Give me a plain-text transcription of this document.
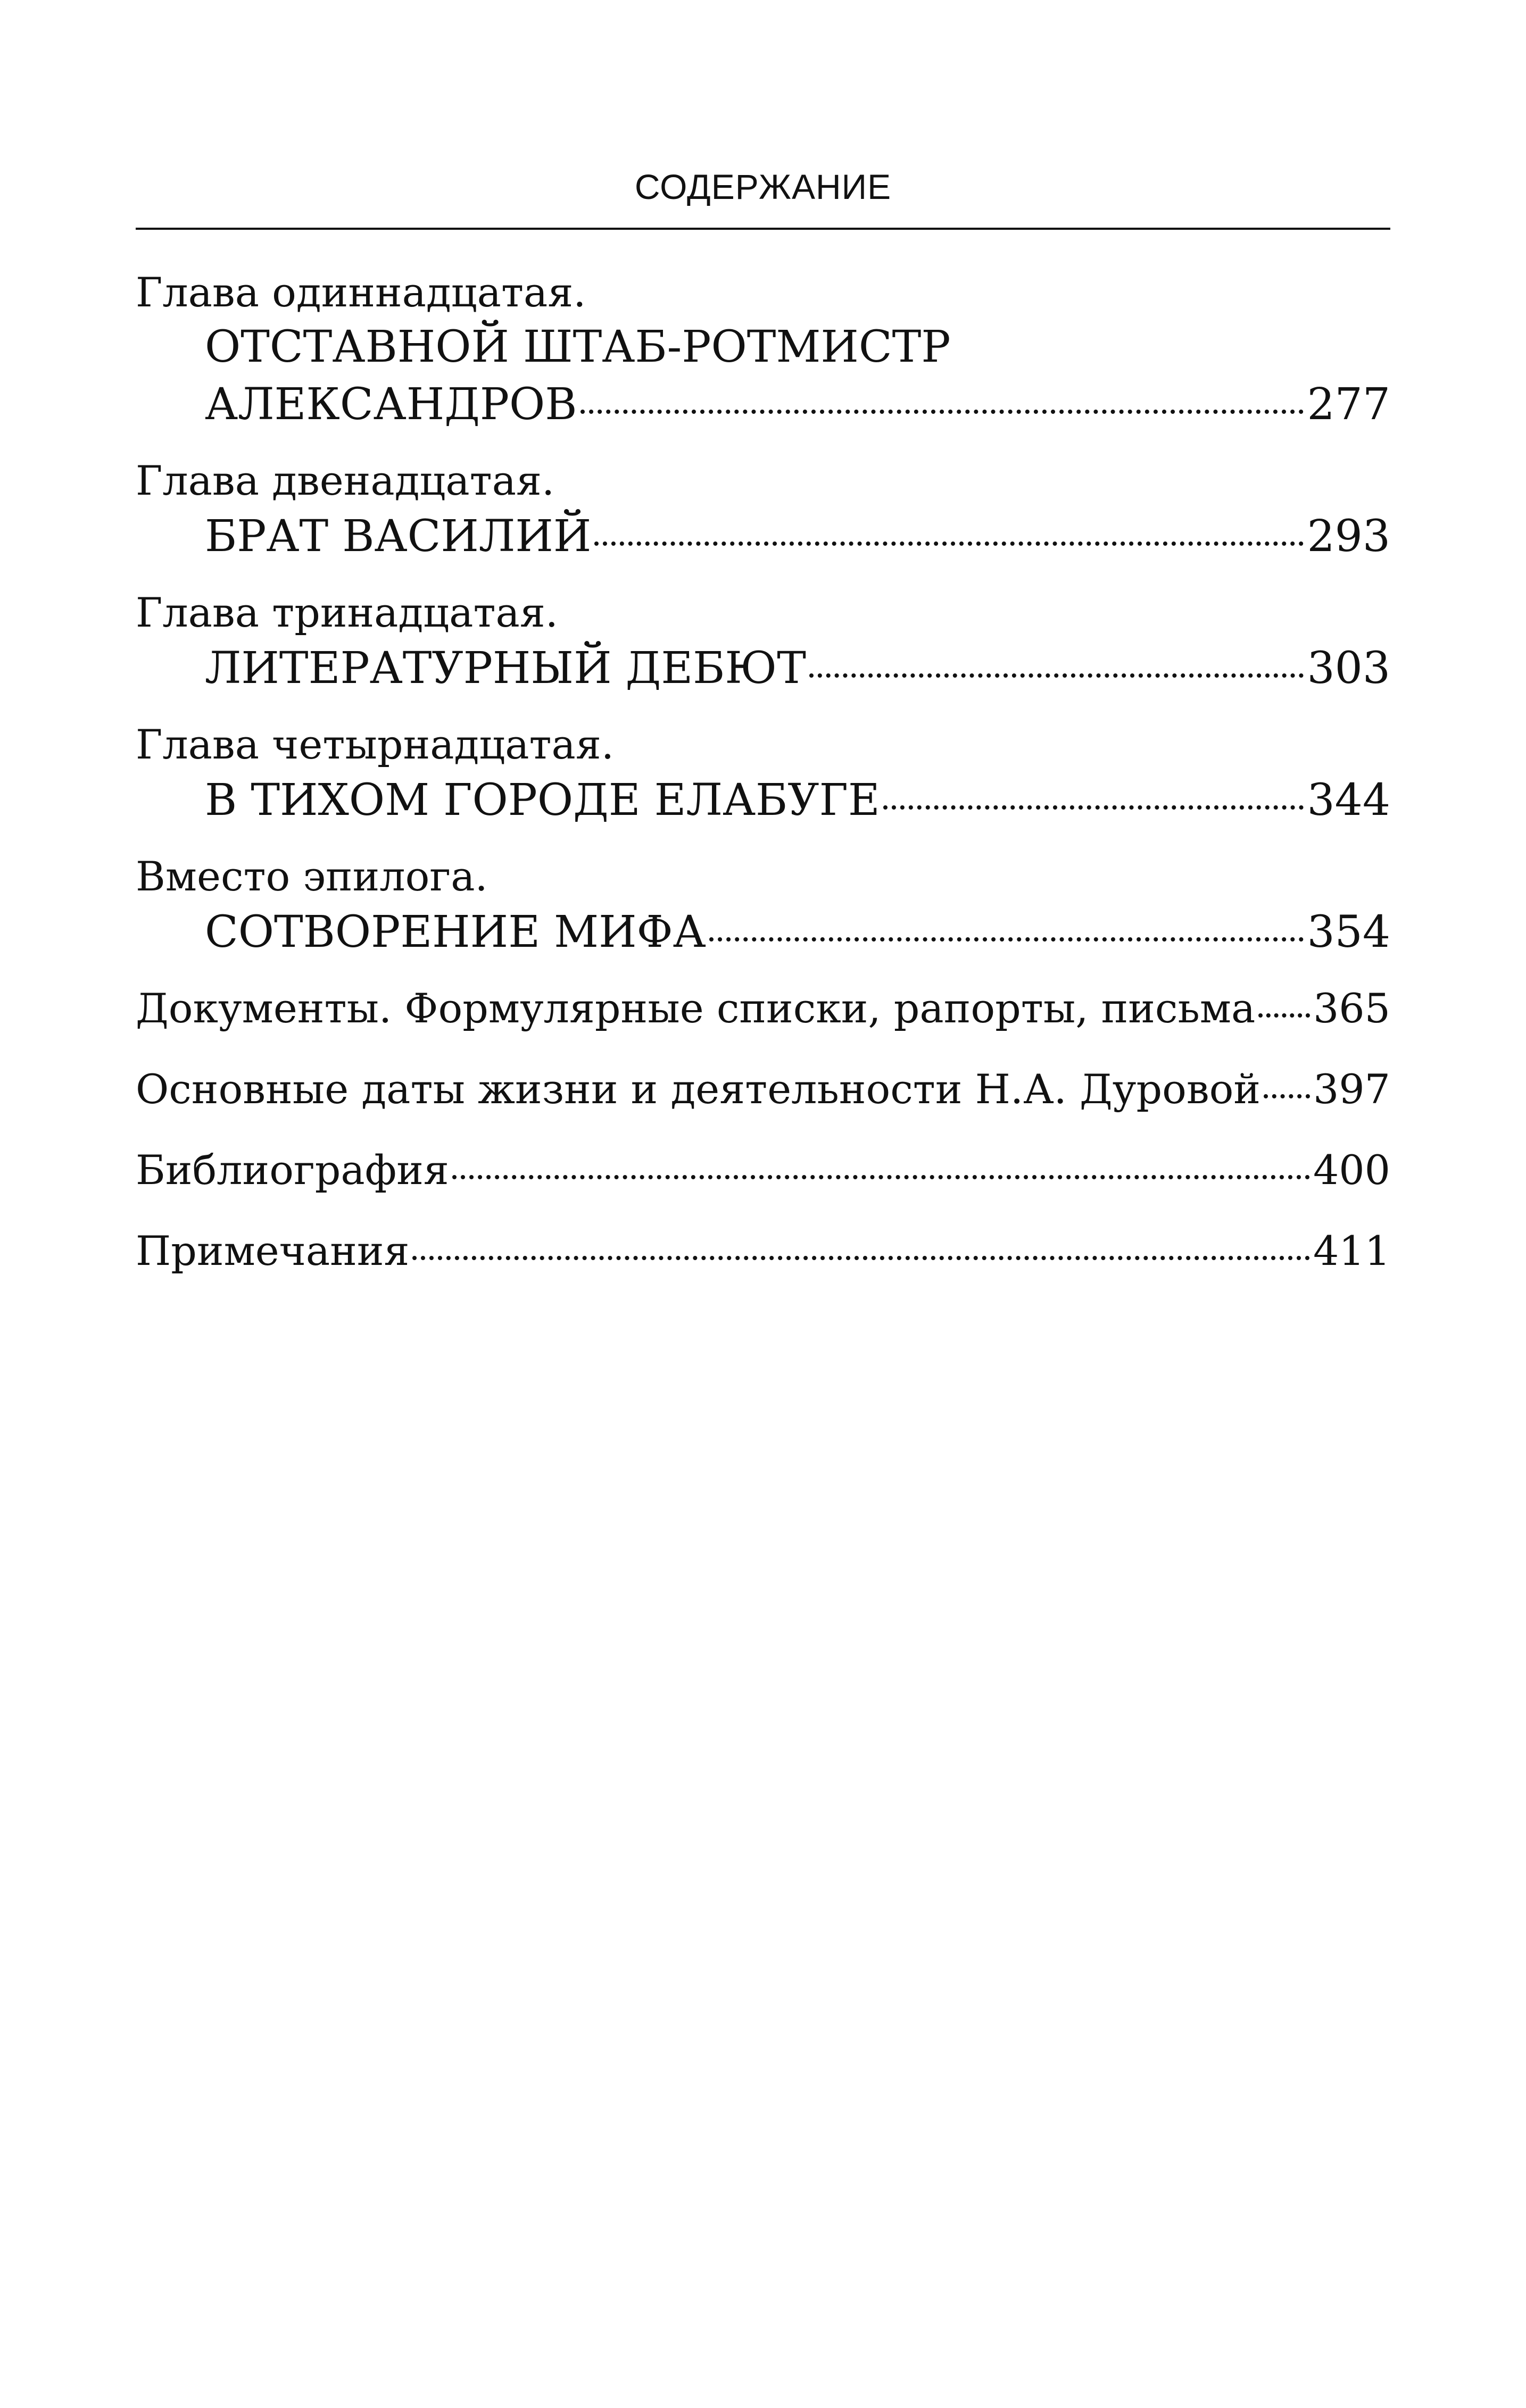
СОДЕРЖАНИЕ
Глава одиннадцатая.
ОТСТАВНОЙ ШТАБ-РОТМИСТР
АЛЕКСАНДРОВ	277
Глава двенадцатая.
БРАТ ВАСИЛИЙ	293
Глава тринадцатая.
ЛИТЕРАТУРНЫЙ ДЕБЮТ	303
Глава четырнадцатая.
В ТИХОМ ГОРОДЕ ЕЛАБУГЕ	344
Вместо эпилога.
СОТВОРЕНИЕ МИФА	354
Документы. Формулярные списки, рапорты, письма 365
Основные даты жизни и деятельности Н.А. Дуровой 397
Библиография	400
Примечания	411
